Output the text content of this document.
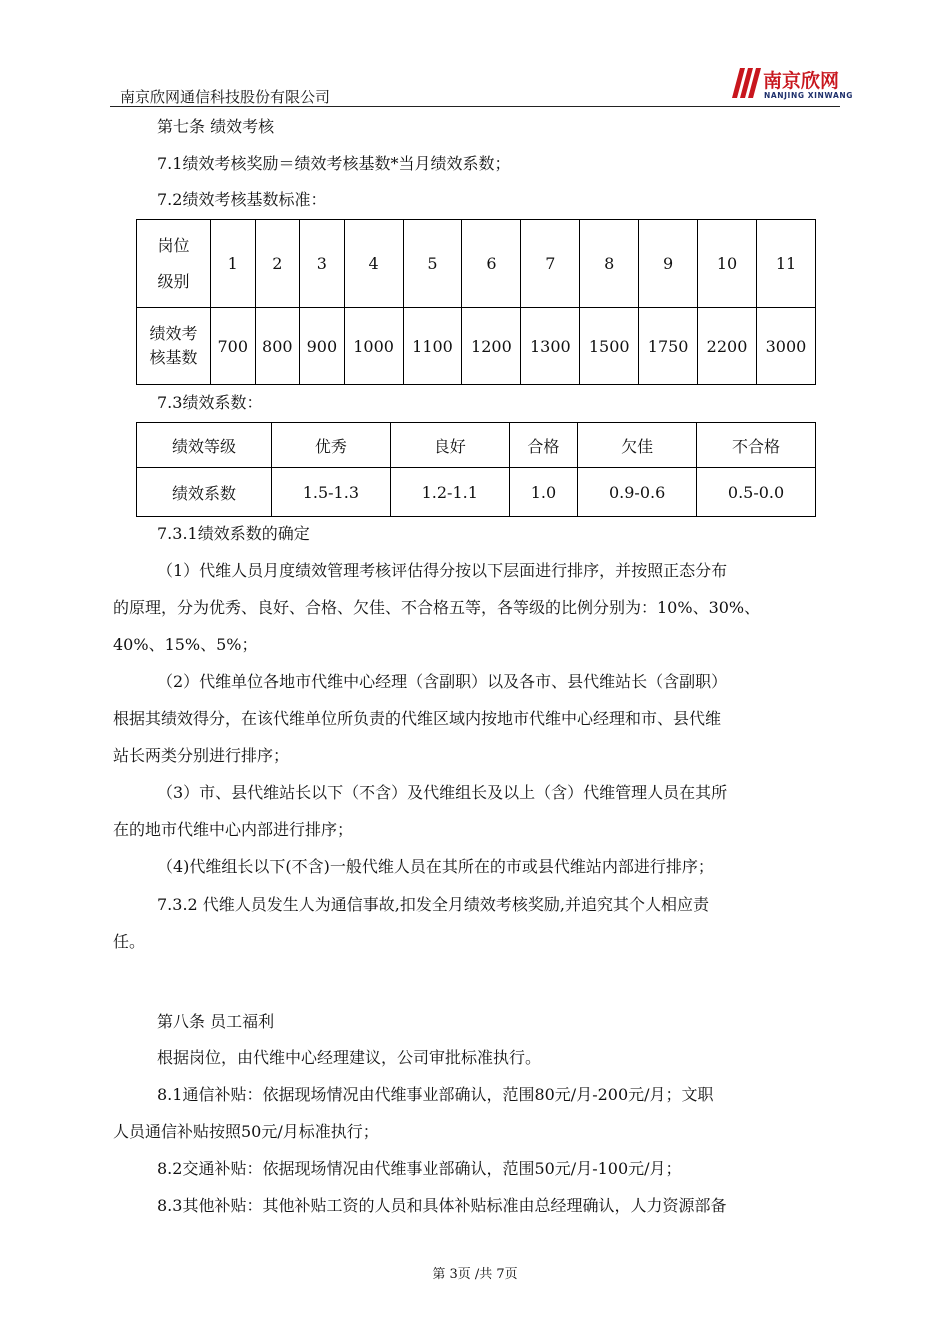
南京欣网通信科技股份有限公司
南京欣网
NANJING XINWANG
第七条 绩效考核
7.1绩效考核奖励＝绩效考核基数*当月绩效系数；
7.2绩效考核基数标准：
岗位
级别	1	2	3	4	5	6	7	8	9	10	11

绩效考
核基数	700	800	900	1000	1100	1200	1300	1500	1750	2200	3000
7.3绩效系数：
绩效等级	优秀	良好	合格	欠佳	不合格
绩效系数	1.5-1.3	1.2-1.1	1.0	0.9-0.6	0.5-0.0
7.3.1绩效系数的确定
（1）代维人员月度绩效管理考核评估得分按以下层面进行排序，并按照正态分布
的原理，分为优秀、良好、合格、欠佳、不合格五等，各等级的比例分别为：10%、30%、
40%、15%、5%；
（2）代维单位各地市代维中心经理（含副职）以及各市、县代维站长（含副职）
根据其绩效得分，在该代维单位所负责的代维区域内按地市代维中心经理和市、县代维
站长两类分别进行排序；
（3）市、县代维站长以下（不含）及代维组长及以上（含）代维管理人员在其所
在的地市代维中心内部进行排序；
（4)代维组长以下(不含)一般代维人员在其所在的市或县代维站内部进行排序；
7.3.2 代维人员发生人为通信事故,扣发全月绩效考核奖励,并追究其个人相应责
任。
第八条 员工福利
根据岗位，由代维中心经理建议，公司审批标准执行。
8.1通信补贴：依据现场情况由代维事业部确认，范围80元/月-200元/月；文职
人员通信补贴按照50元/月标准执行；
8.2交通补贴：依据现场情况由代维事业部确认，范围50元/月-100元/月；
8.3其他补贴：其他补贴工资的人员和具体补贴标准由总经理确认，人力资源部备
第 3页 /共 7页
